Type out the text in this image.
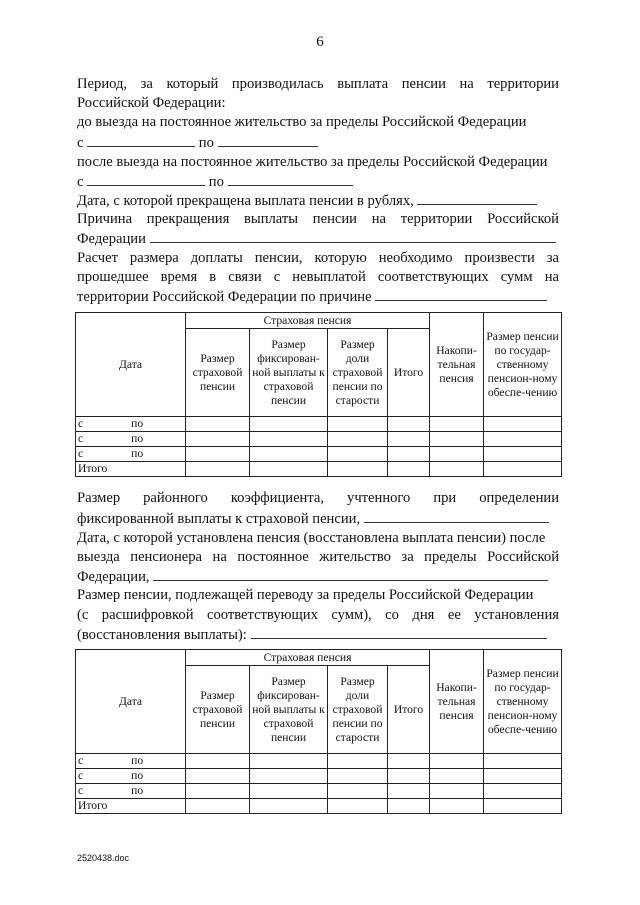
6
Период, за который производилась выплата пенсии на территории
Российской Федерации:
до выезда на постоянное жительство за пределы Российской Федерации
с	по
после выезда на постоянное жительство за пределы Российской Федерации
с	по
Дата, с которой прекращена выплата пенсии в рублях,
Причина прекращения выплаты пенсии на территории Российской
Федерации
Расчет размера доплаты пенсии, которую необходимо произвести за
прошедшее время в связи с невыплатой соответствующих сумм на
территории Российской Федерации по причине
Дата	Страховая пенсия				Накопи-тельная пенсия	Размер пенсии по государ-ственному пенсион-ному обеспе-чению
	Размер страховой пенсии	Размер фиксирован-ной выплаты к страховой пенсии	Размер доли страховой пенсии по старости	Итого		
с по						
с по						
с по						
Итого						
Размер районного коэффициента, учтенного при определении
фиксированной выплаты к страховой пенсии,
Дата, с которой установлена пенсия (восстановлена выплата пенсии) после
выезда пенсионера на постоянное жительство за пределы Российской
Федерации,
Размер пенсии, подлежащей переводу за пределы Российской Федерации
(с расшифровкой соответствующих сумм), со дня ее установления
(восстановления выплаты):
Дата	Страховая пенсия				Накопи-тельная пенсия	Размер пенсии по государ-ственному пенсион-ному обеспе-чению
	Размер страховой пенсии	Размер фиксирован-ной выплаты к страховой пенсии	Размер доли страховой пенсии по старости	Итого		
с по						
с по						
с по						
Итого						
2520438.doc
